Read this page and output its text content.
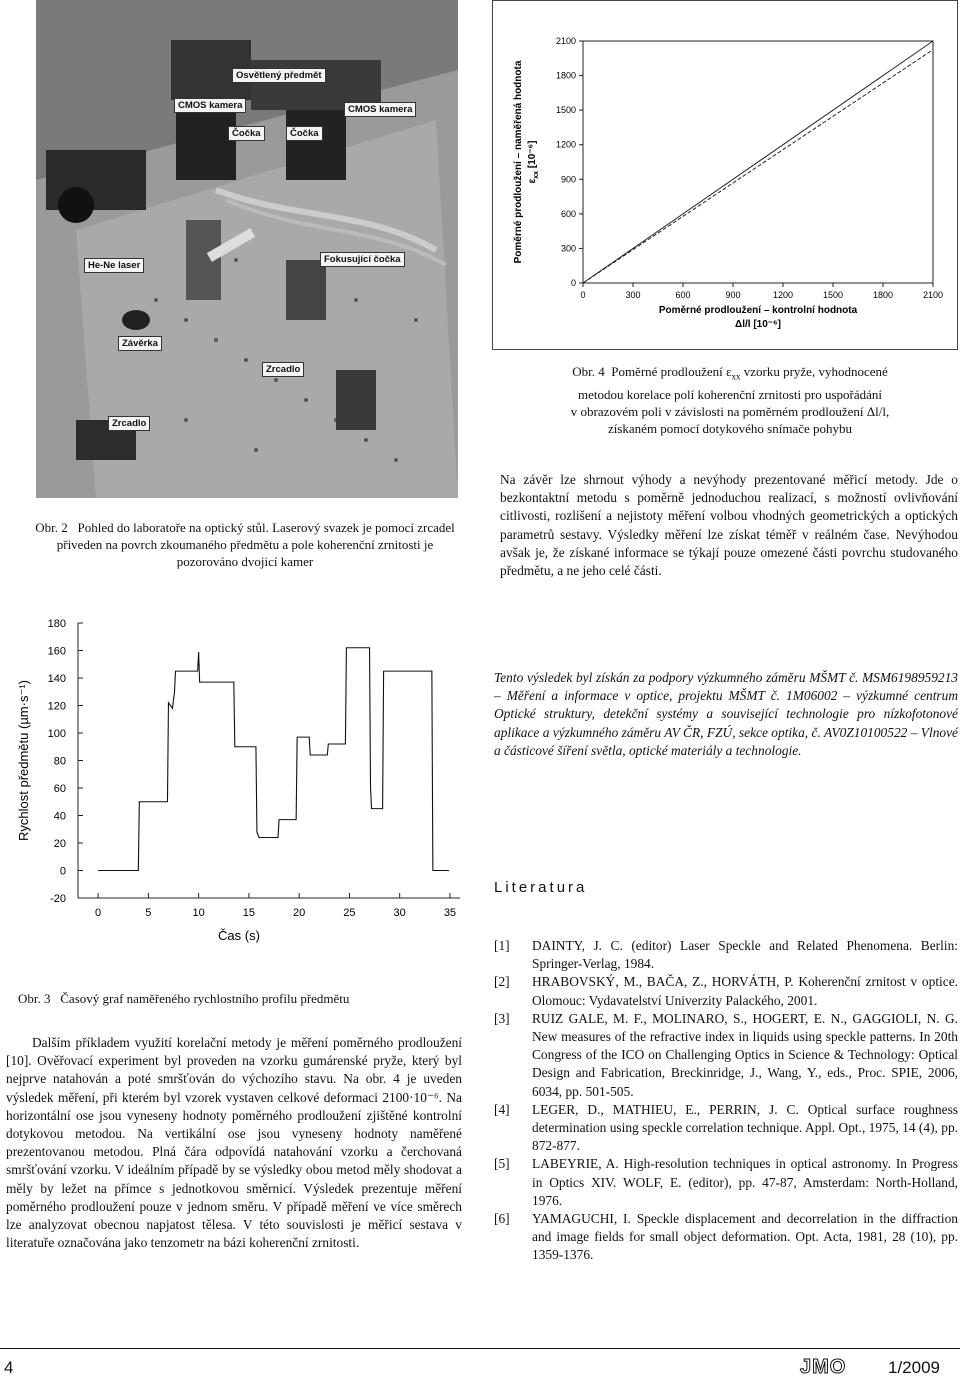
Osvětlený předmět
CMOS kamera	CMOS kamera
Čočka	Čočka
He-Ne laser
Fokusující čočka
Závěrka
Zrcadlo
Zrcadlo
Obr. 2 Pohled do laboratoře na optický stůl. Laserový svazek je pomocí zrcadel přiveden na povrch zkoumaného předmětu a pole koherenční zrnitosti je pozorováno dvojicí kamer
0	300	600	900	1200	1500	1800	2100
0
300
600
900
1200
1500
1800
2100
Poměrné prodloužení – kontrolní hodnota
Δl/l [10⁻⁶]
Poměrné prodloužení – naměřená hodnota $\varepsilon_{xx}$ [10⁻⁶]
Obr. 4 Poměrné prodloužení $\varepsilon_{xx}$ vzorku pryže, vyhodnocené
metodou korelace polí koherenční zrnitosti pro uspořádání
v obrazovém poli v závislosti na poměrném prodloužení Δl/l,
získaném pomocí dotykového snímače pohybu
Na závěr lze shrnout výhody a nevýhody prezentované měřicí metody. Jde o bezkontaktní metodu s poměrně jednoduchou realizací, s možností ovlivňování citlivosti, rozlišení a nejistoty měření volbou vhodných geometrických a optických parametrů sestavy. Výsledky měření lze získat téměř v reálném čase. Nevýhodou avšak je, že získané informace se týkají pouze omezené části povrchu studovaného předmětu, a ne jeho celé části.
-20
0
20
40
60
80
100
120
140
160
180
0	5	10	15	20	25	30	35
Čas (s)
Rychlost předmětu (µm·s⁻¹)
Obr. 3 Časový graf naměřeného rychlostního profilu předmětu
Dalším příkladem využití korelační metody je měření poměrného prodloužení [10]. Ověřovací experiment byl proveden na vzorku gumárenské pryže, který byl nejprve natahován a poté smršťován do výchozího stavu. Na obr. 4 je uveden výsledek měření, při kterém byl vzorek vystaven celkové deformaci 2100·10⁻⁶. Na horizontální ose jsou vyneseny hodnoty poměrného prodloužení zjištěné kontrolní dotykovou metodou. Na vertikální ose jsou vyneseny hodnoty naměřené prezentovanou metodou. Plná čára odpovídá natahování vzorku a čerchovaná smršťování vzorku. V ideálním případě by se výsledky obou metod měly shodovat a měly by ležet na přímce s jednotkovou směrnicí. Výsledek prezentuje měření poměrného prodloužení pouze v jednom směru. V případě měření ve více směrech lze analyzovat obecnou napjatost tělesa. V této souvislosti je měřicí sestava v literatuře označována jako tenzometr na bázi koherenční zrnitosti.
Tento výsledek byl získán za podpory výzkumného záměru MŠMT č. MSM6198959213 – Měření a informace v optice, projektu MŠMT č. 1M06002 – výzkumné centrum Optické struktury, detekční systémy a související technologie pro nízkofotonové aplikace a výzkumného záměru AV ČR, FZÚ, sekce optika, č. AV0Z10100522 – Vlnové a částicové šíření světla, optické materiály a technologie.
Literatura
[1] DAINTY, J. C. (editor) Laser Speckle and Related Phenomena. Berlin: Springer-Verlag, 1984.
[2] HRABOVSKÝ, M., BAČA, Z., HORVÁTH, P. Koherenční zrnitost v optice. Olomouc: Vydavatelství Univerzity Palackého, 2001.
[3] RUIZ GALE, M. F., MOLINARO, S., HOGERT, E. N., GAGGIOLI, N. G. New measures of the refractive index in liquids using speckle patterns. In 20th Congress of the ICO on Challenging Optics in Science & Technology: Optical Design and Fabrication, Breckinridge, J., Wang, Y., eds., Proc. SPIE, 2006, 6034, pp. 501-505.
[4] LEGER, D., MATHIEU, E., PERRIN, J. C. Optical surface roughness determination using speckle correlation technique. Appl. Opt., 1975, 14 (4), pp. 872-877.
[5] LABEYRIE, A. High-resolution techniques in optical astronomy. In Progress in Optics XIV. WOLF, E. (editor), pp. 47-87, Amsterdam: North-Holland, 1976.
[6] YAMAGUCHI, I. Speckle displacement and decorrelation in the diffraction and image fields for small object deformation. Opt. Acta, 1981, 28 (10), pp. 1359-1376.
4	JMO 1/2009
